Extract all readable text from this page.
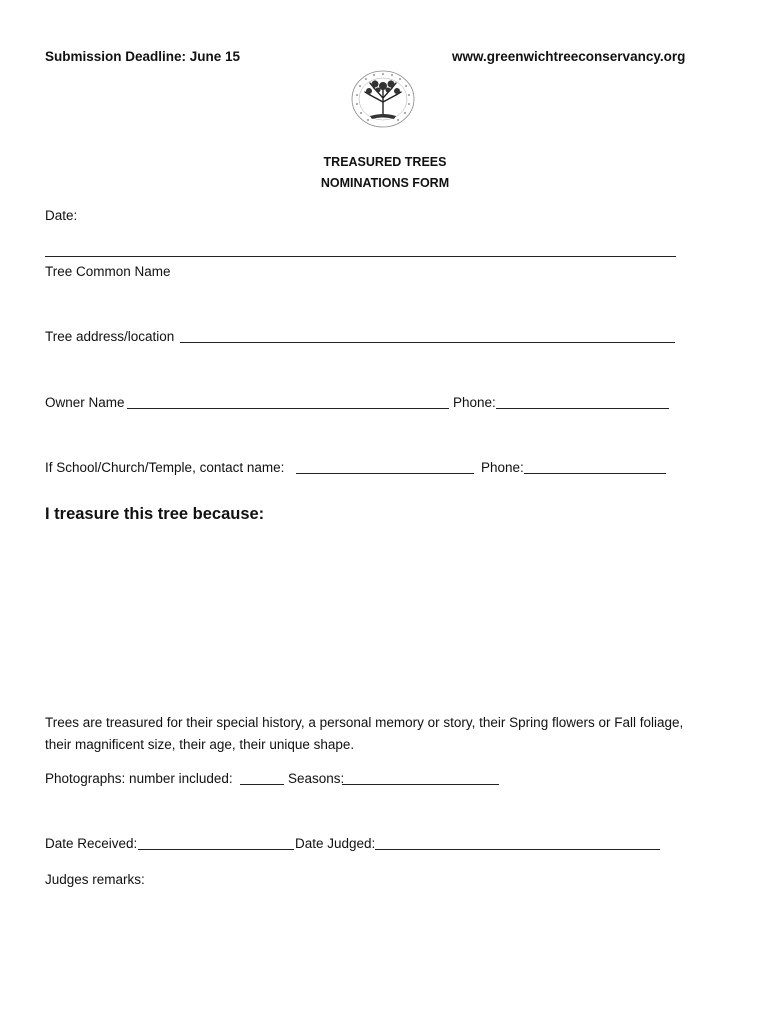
Submission Deadline: June 15	www.greenwichtreeconservancy.org
TREASURED TREES
NOMINATIONS FORM
Date:
Tree Common Name
Tree address/location
Owner Name	Phone:
If School/Church/Temple, contact name:	Phone:
I treasure this tree because:
Trees are treasured for their special history, a personal memory or story, their Spring flowers or Fall foliage,
their magnificent size, their age, their unique shape.
Photographs: number included:	Seasons:
Date Received:	Date Judged:
Judges remarks:
